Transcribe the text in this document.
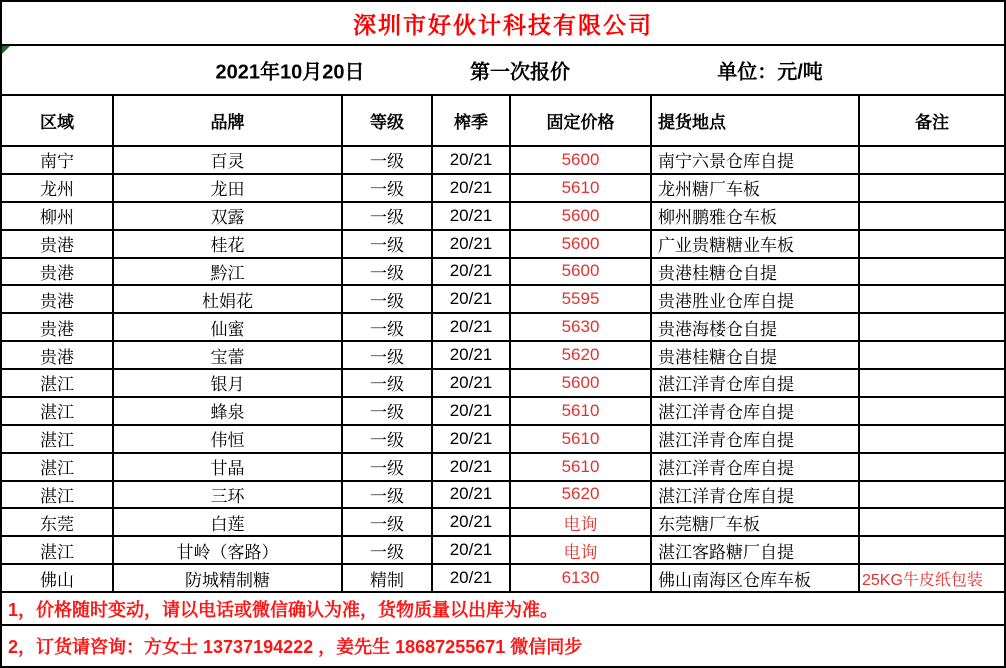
深圳市好伙计科技有限公司
2021年10月20日	第一次报价	单位：元/吨
区域	品牌	等级	榨季	固定价格	提货地点	备注
南宁	百灵	一级	20/21	5600	南宁六景仓库自提
龙州	龙田	一级	20/21	5610	龙州糖厂车板
柳州	双露	一级	20/21	5600	柳州鹏雅仓车板
贵港	桂花	一级	20/21	5600	广业贵糖糖业车板
贵港	黔江	一级	20/21	5600	贵港桂糖仓自提
贵港	杜娟花	一级	20/21	5595	贵港胜业仓库自提
贵港	仙蜜	一级	20/21	5630	贵港海楼仓自提
贵港	宝蕾	一级	20/21	5620	贵港桂糖仓自提
湛江	银月	一级	20/21	5600	湛江洋青仓库自提
湛江	蜂泉	一级	20/21	5610	湛江洋青仓库自提
湛江	伟恒	一级	20/21	5610	湛江洋青仓库自提
湛江	甘晶	一级	20/21	5610	湛江洋青仓库自提
湛江	三环	一级	20/21	5620	湛江洋青仓库自提
东莞	白莲	一级	20/21	电询	东莞糖厂车板
湛江	甘岭（客路）	一级	20/21	电询	湛江客路糖厂自提
佛山	防城精制糖	精制	20/21	6130	佛山南海区仓库车板	25KG牛皮纸包装
1，价格随时变动，请以电话或微信确认为准，货物质量以出库为准。
2，订货请咨询：方女士 13737194222 ，姜先生 18687255671 微信同步
